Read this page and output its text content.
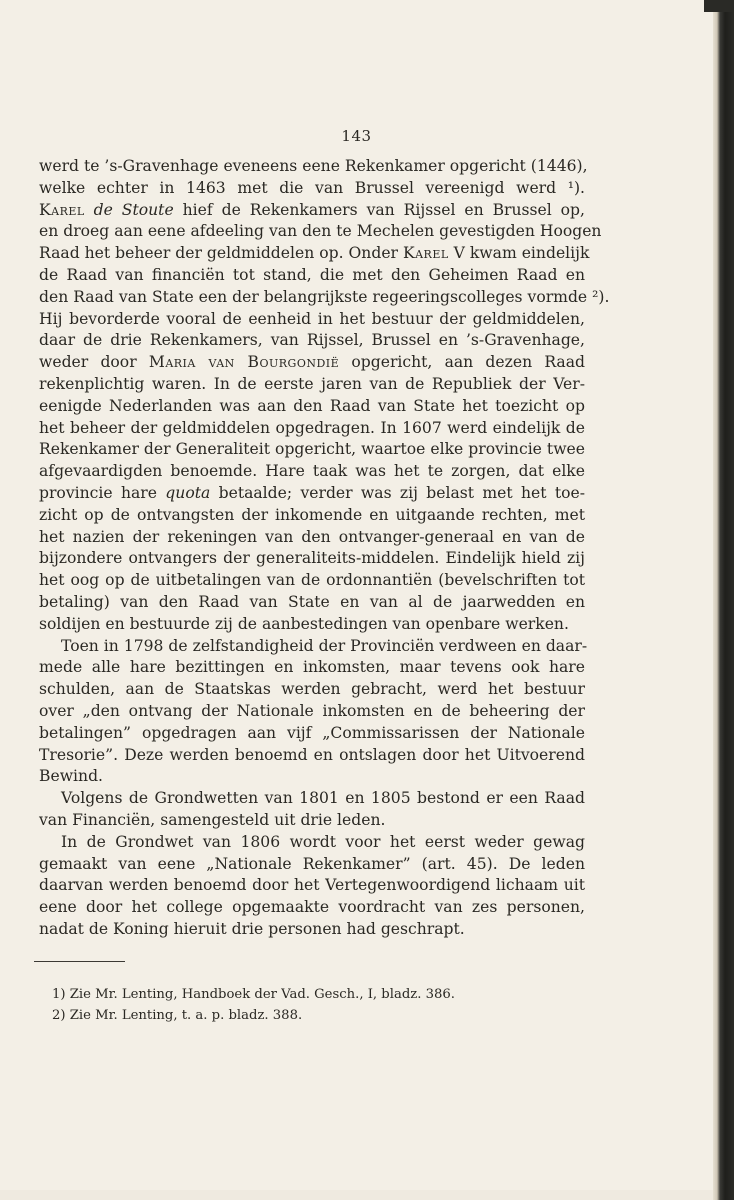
143
werd te ’s-Gravenhage eveneens eene Rekenkamer opgericht (1446),
welke echter in 1463 met die van Brussel vereenigd werd ¹).
Karel de Stoute hief de Rekenkamers van Rijssel en Brussel op,
en droeg aan eene afdeeling van den te Mechelen gevestigden Hoogen
Raad het beheer der geldmiddelen op. Onder Karel V kwam eindelijk
de Raad van financiën tot stand, die met den Geheimen Raad en
den Raad van State een der belangrijkste regeeringscolleges vormde ²).
Hij bevorderde vooral de eenheid in het bestuur der geldmiddelen,
daar de drie Rekenkamers, van Rijssel, Brussel en ’s-Gravenhage,
weder door Maria van Bourgondië opgericht, aan dezen Raad
rekenplichtig waren. In de eerste jaren van de Republiek der Ver-
eenigde Nederlanden was aan den Raad van State het toezicht op
het beheer der geldmiddelen opgedragen. In 1607 werd eindelijk de
Rekenkamer der Generaliteit opgericht, waartoe elke provincie twee
afgevaardigden benoemde. Hare taak was het te zorgen, dat elke
provincie hare quota betaalde; verder was zij belast met het toe-
zicht op de ontvangsten der inkomende en uitgaande rechten, met
het nazien der rekeningen van den ontvanger-generaal en van de
bijzondere ontvangers der generaliteits-middelen. Eindelijk hield zij
het oog op de uitbetalingen van de ordonnantiën (bevelschriften tot
betaling) van den Raad van State en van al de jaarwedden en
soldijen en bestuurde zij de aanbestedingen van openbare werken.
Toen in 1798 de zelfstandigheid der Provinciën verdween en daar-
mede alle hare bezittingen en inkomsten, maar tevens ook hare
schulden, aan de Staatskas werden gebracht, werd het bestuur
over „den ontvang der Nationale inkomsten en de beheering der
betalingen” opgedragen aan vijf „Commissarissen der Nationale
Tresorie”. Deze werden benoemd en ontslagen door het Uitvoerend
Bewind.
Volgens de Grondwetten van 1801 en 1805 bestond er een Raad
van Financiën, samengesteld uit drie leden.
In de Grondwet van 1806 wordt voor het eerst weder gewag
gemaakt van eene „Nationale Rekenkamer” (art. 45). De leden
daarvan werden benoemd door het Vertegenwoordigend lichaam uit
eene door het college opgemaakte voordracht van zes personen,
nadat de Koning hieruit drie personen had geschrapt.
1) Zie Mr. Lenting, Handboek der Vad. Gesch., I, bladz. 386.
2) Zie Mr. Lenting, t. a. p. bladz. 388.
